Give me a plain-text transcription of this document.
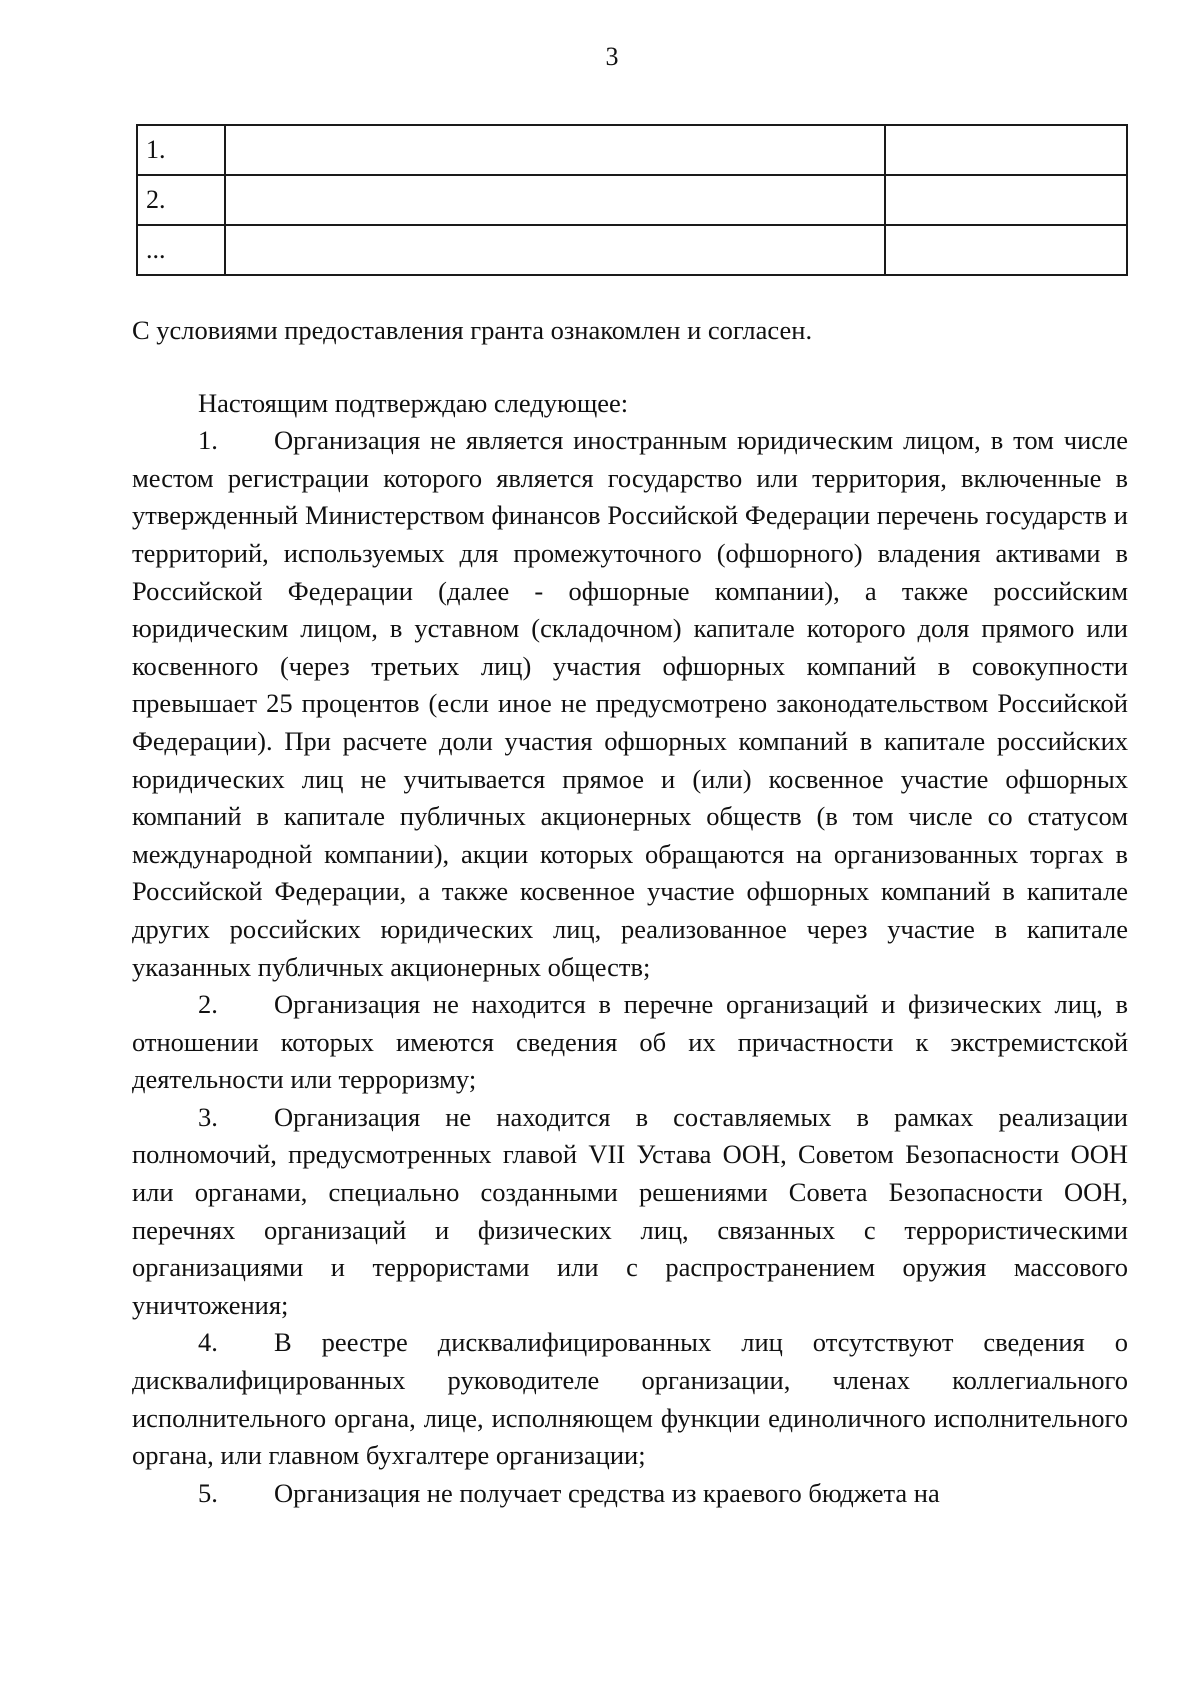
3
1.		
2.		
...		

С условиями предоставления гранта ознакомлен и согласен.

Настоящим подтверждаю следующее:

1. Организация не является иностранным юридическим лицом, в том числе местом регистрации которого является государство или территория, включенные в утвержденный Министерством финансов Российской Федерации перечень государств и территорий, используемых для промежуточного (офшорного) владения активами в Российской Федерации (далее - офшорные компании), а также российским юридическим лицом, в уставном (складочном) капитале которого доля прямого или косвенного (через третьих лиц) участия офшорных компаний в совокупности превышает 25 процентов (если иное не предусмотрено законодательством Российской Федерации). При расчете доли участия офшорных компаний в капитале российских юридических лиц не учитывается прямое и (или) косвенное участие офшорных компаний в капитале публичных акционерных обществ (в том числе со статусом международной компании), акции которых обращаются на организованных торгах в Российской Федерации, а также косвенное участие офшорных компаний в капитале других российских юридических лиц, реализованное через участие в капитале указанных публичных акционерных обществ;

2. Организация не находится в перечне организаций и физических лиц, в отношении которых имеются сведения об их причастности к экстремистской деятельности или терроризму;

3. Организация не находится в составляемых в рамках реализации полномочий, предусмотренных главой VII Устава ООН, Советом Безопасности ООН или органами, специально созданными решениями Совета Безопасности ООН, перечнях организаций и физических лиц, связанных с террористическими организациями и террористами или с распространением оружия массового уничтожения;

4. В реестре дисквалифицированных лиц отсутствуют сведения о дисквалифицированных руководителе организации, членах коллегиального исполнительного органа, лице, исполняющем функции единоличного исполнительного органа, или главном бухгалтере организации;

5. Организация не получает средства из краевого бюджета на
